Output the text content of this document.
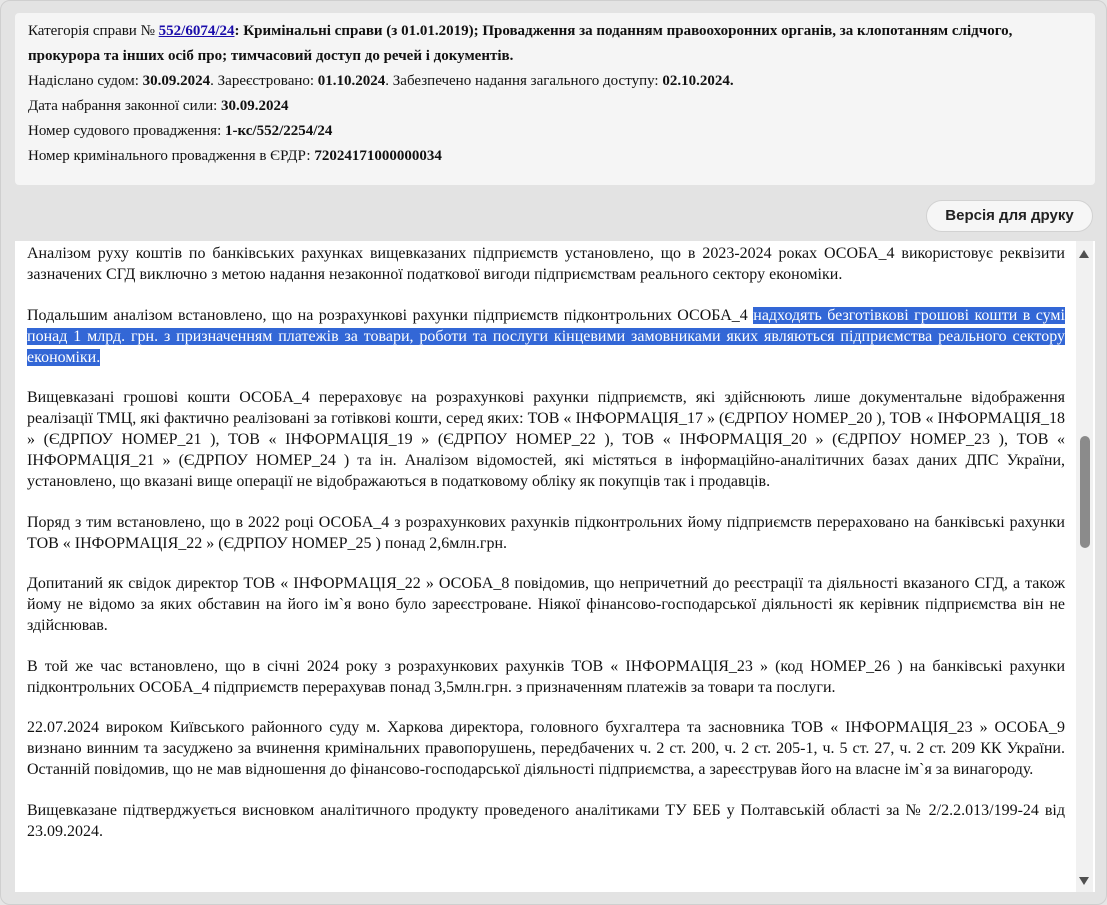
Категорія справи № 552/6074/24: Кримінальні справи (з 01.01.2019); Провадження за поданням правоохоронних органів, за клопотанням слідчого, прокурора та інших осіб про; тимчасовий доступ до речей і документів.
Надіслано судом: 30.09.2024. Зареєстровано: 01.10.2024. Забезпечено надання загального доступу: 02.10.2024.
Дата набрання законної сили: 30.09.2024
Номер судового провадження: 1-кс/552/2254/24
Номер кримінального провадження в ЄРДР: 72024171000000034
Версія для друку

Аналізом руху коштів по банківських рахунках вищевказаних підприємств установлено, що в 2023-2024 роках ОСОБА_4 використовує реквізити зазначених СГД виключно з метою надання незаконної податкової вигоди підприємствам реального сектору економіки.

Подальшим аналізом встановлено, що на розрахункові рахунки підприємств підконтрольних ОСОБА_4 надходять безготівкові грошові кошти в сумі понад 1 млрд. грн. з призначенням платежів за товари, роботи та послуги кінцевими замовниками яких являються підприємства реального сектору економіки.

Вищевказані грошові кошти ОСОБА_4 перераховує на розрахункові рахунки підприємств, які здійснюють лише документальне відображення реалізації ТМЦ, які фактично реалізовані за готівкові кошти, серед яких: ТОВ « ІНФОРМАЦІЯ_17 » (ЄДРПОУ НОМЕР_20 ), ТОВ « ІНФОРМАЦІЯ_18 » (ЄДРПОУ НОМЕР_21 ), ТОВ « ІНФОРМАЦІЯ_19 » (ЄДРПОУ НОМЕР_22 ), ТОВ « ІНФОРМАЦІЯ_20 » (ЄДРПОУ НОМЕР_23 ), ТОВ « ІНФОРМАЦІЯ_21 » (ЄДРПОУ НОМЕР_24 ) та ін. Аналізом відомостей, які містяться в інформаційно-аналітичних базах даних ДПС України, установлено, що вказані вище операції не відображаються в податковому обліку як покупців так і продавців.

Поряд з тим встановлено, що в 2022 році ОСОБА_4 з розрахункових рахунків підконтрольних йому підприємств перераховано на банківські рахунки ТОВ « ІНФОРМАЦІЯ_22 » (ЄДРПОУ НОМЕР_25 ) понад 2,6млн.грн.

Допитаний як свідок директор ТОВ « ІНФОРМАЦІЯ_22 » ОСОБА_8 повідомив, що непричетний до реєстрації та діяльності вказаного СГД, а також йому не відомо за яких обставин на його ім`я воно було зареєстроване. Ніякої фінансово-господарської діяльності як керівник підприємства він не здійснював.

В той же час встановлено, що в січні 2024 року з розрахункових рахунків ТОВ « ІНФОРМАЦІЯ_23 » (код НОМЕР_26 ) на банківські рахунки підконтрольних ОСОБА_4 підприємств перерахував понад 3,5млн.грн. з призначенням платежів за товари та послуги.

22.07.2024 вироком Київського районного суду м. Харкова директора, головного бухгалтера та засновника ТОВ « ІНФОРМАЦІЯ_23 » ОСОБА_9 визнано винним та засуджено за вчинення кримінальних правопорушень, передбачених ч. 2 ст. 200, ч. 2 ст. 205-1, ч. 5 ст. 27, ч. 2 ст. 209 КК України. Останній повідомив, що не мав відношення до фінансово-господарської діяльності підприємства, а зареєстрував його на власне ім`я за винагороду.

Вищевказане підтверджується висновком аналітичного продукту проведеного аналітиками ТУ БЕБ у Полтавській області за № 2/2.2.013/199-24 від 23.09.2024.
